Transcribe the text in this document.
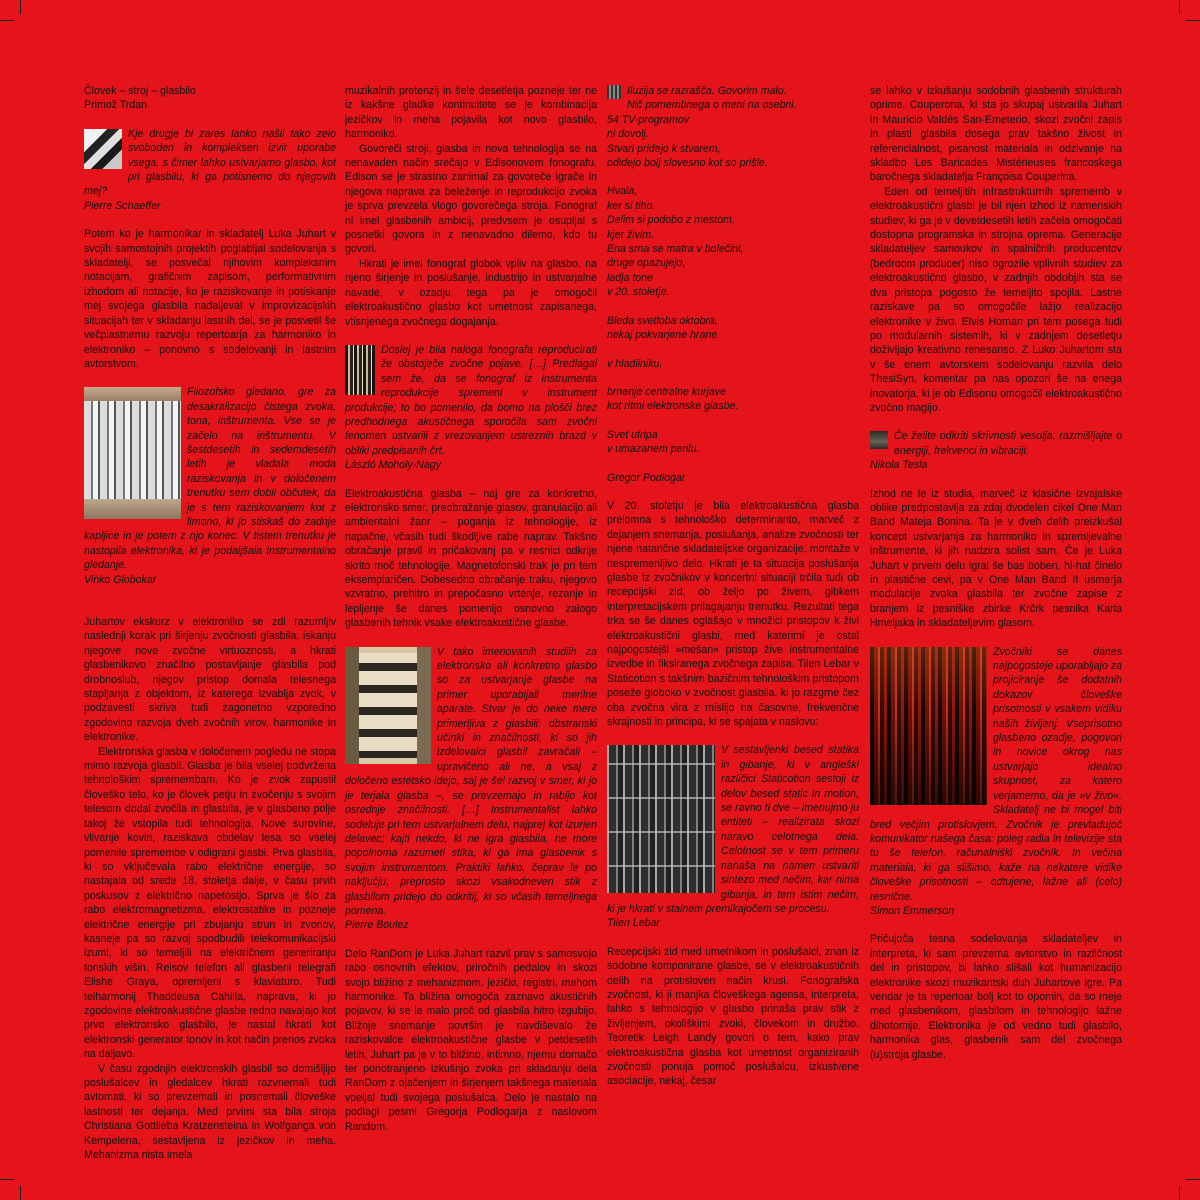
Človek – stroj – glasbilo
Primož Trdan

Kje drugje bi zares lahko našli tako zelo svoboden in kompleksen izvir uporabe vsega, s čimer lahko ustvarjamo glasbo, kot pri glasbilu, ki ga potisnemo do njegovih mej?

Pierre Schaeffer

Potem ko je harmonikar in skladatelj Luka Juhart v svojih samostojnih projektih poglabljal sodelovanja s skladatelji, se posvečal njihovim kompleksnim notacijam, grafičnim zapisom, performativnim izhodom ali notacije, ko je raziskovanje in potiskanje mej svojega glasbila nadaljeval v improvizacijskih situacijah ter v skladanju lastnih del, se je posvetil še večplastnemu razvoju repertoarja za harmoniko in elektroniko – ponovno s sodelovanji in lastnim avtorstvom.

Filozofsko gledano, gre za desakralizacijo čistega zvoka, tona, inštrumenta. Vse se je začelo na inštrumentu. V šestdesetih in sedemdesetih letih je vladala moda raziskovanja in v določenem trenutku sem dobil občutek, da je s tem raziskovanjem kot z limono, ki jo stiskaš do zadnje kapljice in je potem z njo konec. V tistem trenutku je nastopila elektronika, ki je podaljšala instrumentalno gledanje.

Vinko Globokar

Juhartov ekskurz v elektroniko se zdi razumljiv naslednji korak pri širjenju zvočnosti glasbila, iskanju njegove nove zvočne virtuoznosti, a hkrati glasbenikovo značilno postavljanje glasbila pod drobnoslub, njegov pristop domala telesnega stapljanja z objektom, iz katerega izvablja zvok, v podzavesti skriva tudi zagonetno vzporedno zgodovino razvoja dveh zvočnih virov, harmonike in elektronike.

Elektronska glasba v določenem pogledu ne stopa mimo razvoja glasbil. Glasba je bila vselej podvržena tehnološkim spremembam. Ko je zvok zapustil človeško telo, ko je človek petju in zvočenju s svojim telesom dodal zvočila in glasbila, je v glasbeno polje takoj že vstopila tudi tehnologija. Nove surovine, vlivanje kovin, raziskava obdelav lesa so vselej pomenile spremembe v odigrani glasbi. Prva glasbila, ki so vključevala rabo električne energije, so nastajala od srede 18. stoletja dalje, v času prvih poskusov z električno napetostjo. Sprva je šlo za rabo elektromagnetizma, elektrostatike in pozneje električne energije pri zbujanju strun in zvonov, kasneje pa so razvoj spodbudili telekomunikacijski izumi, ki so temeljili na električnem generiranju tonskih višin. Reisov telefon ali glasbeni telegrafi Elishe Graya, opremljeni s klaviaturo. Tudi telharmonij Thaddeusa Cahilla, naprava, ki jo zgodovine elektroakustične glasbe redno navajajo kot prvo elektronsko glasbilo, je nastal hkrati kot elektronski generator tonov in kot način prenos zvoka na daljavo.

V času zgodnjih elektronskih glasbil so domišljijo poslušalcev in gledalcev hkrati razvnemali tudi avtomati, ki so prevzemali in posnemali človeške lastnosti ter dejanja. Med prvimi sta bila stroja Christiana Gottlieba Kratzensteina in Wolfganga von Kempelena, sestavljena iz jezičkov in meha. Mehanizma nista imela

muzikalnih pretenzij in šele desetletja pozneje ter ne iz kakšne gladke kontinuitete se je kombinacija jezičkov in meha pojavila kot novo glasbilo, harmoniko.

Govoreči stroji, glasba in nova tehnologija se na nenavaden način srečajo v Edisonovem fonografu. Edison se je strastno zanimal za govoreče igrače in njegova naprava za beleženje in reprodukcijo zvoka je sprva prevzela vlogo govorečega stroja. Fonograf ni imel glasbenih ambicij, predvsem je osupljal s posnetki govora in z nenavadno dilemo, kdo tu govori.

Hkrati je imel fonograf globok vpliv na glasbo, na njeno širjenje in poslušanje, industrijo in ustvarjalne navade, v ozadju tega pa je omogočil elektroakustično glasbo kot umetnost zapisanega, vtisnjenega zvočnega dogajanja.

Doslej je bila naloga fonografa reproducirati že obstoječe zvočne pojave. […] Predlagal sem že, da se fonograf iz instrumenta reprodukcije spremeni v instrument produkcije; to bo pomenilo, da bomo na plošči brez predhodnega akustičnega sporočila sam zvočni fenomen ustvarili z vrezovanjem ustreznih brazd v obliki predpisanih črt.

László Moholy-Nagy

Elektroakustična glasba – naj gre za konkretno, elektronsko smer, preobražanje glasov, granulacijo ali ambientalni žanr – poganja iz tehnologije, iz napačne, včasih tudi škodljive rabe naprav. Takšno obračanje pravil in pričakovanj pa v resnici odkrije skrito moč tehnologije. Magnetofonski trak je pri tem eksemplaričen. Dobesedno obračanje traku, njegovo vzvratno, prehitro in prepočasno vrtenje, rezanje in lepljenje še danes pomenijo osnovno zalogo glasbenih tehnik vsake elektroakustične glasbe.

V tako imenovanih studiih za elektronsko ali konkretno glasbo so za ustvarjanje glasbe na primer uporabljali merilne aparate. Stvar je do neke mere primerljiva z glasbili: obstranski učinki in značilnosti, ki so jih izdelovalci glasbil zavračali – upravičeno ali ne, a vsaj z določeno estetsko idejo, saj je šel razvoj v smer, ki jo je terjala glasba –, se prevzemajo in rabijo kot osrednje značilnosti. […] Instrumentalist lahko sodeluje pri tem ustvarjalnem delu, najprej kot izurjen delavec; kajti nekdo, ki ne igra glasbila, ne more popolnoma razumeti stika, ki ga ima glasbenik s svojim instrumentom. Praktiki lahko, čeprav le po naključju, preprosto skozi vsakodneven stik z glasbilom pridejo do odkritij, ki so včasih temeljnega pomena.

Pierre Boulez

Delo RanDom je Luka Juhart razvil prav s samosvojo rabo osnovnih efektov, priročnih pedalov in skozi svojo bližino z mehanizmom, jezički, registri, mehom harmonike. Ta bližina omogoča zaznavo akustičnih pojavov, ki se le malo proč od glasbila hitro izgubijo. Bližnje snemanje površin je navdiševalo že raziskovalce elektroakustične glasbe v petdesetih letih, Juhart pa je v to bližino, intimno, njemu domačo ter ponotranjeno izkušnjo zvoka pri skladanju dela RanDom z ojačenjem in širjenjem takšnega materiala vpeljal tudi svojega poslušalca. Delo je nastalo na podlagi pesmi Gregorja Podlogarja z naslovom Random.

Iluzija se razrašča. Govorim malo.

Nič pomembnega o meni na osebni.

54 TV-programov

ni dovolj.

Stvari pridejo k stvarem,

odidejo bolj slovesno kot so prišle.

Hvala,

ker si tiho.

Delim si podobo z mestom,

kjer živim.

Ena srna se matra v bolečini,

druge opazujejo,

ladja tone

v 20. stoletje.

Bleda svetloba oktobra,

nekaj pokvarjene hrane

v hladilniku,

brnenje centralne kurjave

kot ritmi elektronske glasbe.

Svet utripa

v umazanem perilu.

Gregor Podlogar

V 20. stoletju je bila elektroakustična glasba prelomna s tehnološko determinanto, marveč z dejanjem snemanja, poslušanja, analize zvočnosti ter njene natančne skladateljske organizacije, montaže v nespremenljivo delo. Hkrati je ta situacija poslušanja glasbe iz zvočnikov v koncertni situaciji trčila tudi ob recepcijski zid, ob željo po živem, gibkem interpretacijskem prilagajanju trenutku. Rezultati tega trka se še danes oglašajo v množici pristopov k živi elektroakustični glasbi, med katerimi je ostal najpogostejši »mešan« pristop žive instrumentalne izvedbe in fiksiranega zvočnega zapisa. Tilen Lebar v Staticotion s takšnim bazičnim tehnološkim pristopom poseže globoko v zvočnost glasbila, ki jo razgrne čez oba zvočna vira z mislijo na časovne, frekvenčne skrajnosti in principa, ki se spajata v naslovu:

V sestavljenki besed statika in gibanje, ki v angleški različici Staticotion sestoji iz delov besed static in motion, se ravno ti dve – imenujmo ju entiteti – realizirata skozi naravo celotnega dela. Celotnost se v tem primeru nanaša na namen ustvariti sintezo med nečim, kar nima gibanja, in tem istim nečim, ki je hkrati v stalnem premikajočem se procesu.

Tilen Lebar

Recepcijski zid med umetnikom in poslušalci, znan iz sodobne komponirane glasbe, se v elektroakustičnih delih na protisloven način krusi. Fonografska zvočnost, ki ji manjka človeškega agensa, interpreta, lahko s tehnologijo v glasbo prinaša prav stik z življenjem, okoliškimi zvoki, človekom in družbo. Teoretik Leigh Landy govori o tem, kako prav elektroakustična glasba kot umetnost organiziranih zvočnosti ponuja pomoč poslušalcu, izkustvene asociacije, nekaj, česar

se lahko v izkušanju sodobnih glasbenih strukturah oprime. Couperona, ki sta jo skupaj ustvarila Juhart in Mauricio Valdés San-Emeterio, skozi zvočni zapis in plasti glasbila dosega prav takšno živost in referencialnost, pisanost materiala in odzivanje na skladbo Les Baricades Mistérieuses francoskega baročnega skladatelja Françoisa Couperina.

Eden od temeljitih infrastrukturnih sprememb v elektroakustični glasbi je bil njen izhod iz namenskih studiev, ki ga je v devetdesetih letih začela omogočati dostopna programska in strojna oprema. Generacije skladateljev samoukov in spalničnih producentov (bedroom producer) niso ogrozile vplivnih studiev za elektroakustično glasbo, v zadnjih obdobjih sta se dva pristopa pogosto že temeljito spojila. Lastne raziskave pa so omogočile lažjo realizacijo elektronike v živo. Elvis Homan pri tem posega tudi po modularnih sistemih, ki v zadnjem desetletju doživljajo kreativno renesanso. Z Luko Juhartom sta v še enem avtorskem sodelovanju razvila delo ThesiSyn, komentar pa nas opozori še na enega inovatorja, ki je ob Edisonu omogočil elektroakustično zvočno magijo.

Če želite odkriti skrivnosti vesolja, razmišljajte o energiji, frekvenci in vibraciji.

Nikola Tesla

Izhod ne le iz studia, marveč iz klasične izvajalske oblike predpostavlja za zdaj dvodelen cikel One Man Band Mateja Bonina. Ta je v dveh delih preizkušal koncept ustvarjanja za harmoniko in spremljevalne inštrumente, ki jih nadzira solist sam. Če je Luka Juhart v prvem delu igral še bas boben, hi-hat činelo in plastične cevi, pa v One Man Band II usmerja modulacije zvoka glasbila ter zvočne zapise z branjem iz pesniške zbirke Krčrk pesnika Karla Hmeljaka in skladateljevim glasom.

Zvočniki se danes najpogosteje uporabljajo za projiciranje še dodatnih dokazov človeške prisotnosti v vsakem vidiku naših življenj. Vseprisotno glasbeno ozadje, pogovori in novice okrog nas ustvarjajo idealno skupnost, za katero verjamemo, da je »v živo«. Skladatelj ne bi mogel biti bred večjim protislovjem. Zvočnik je prevladujoč komunikator našega časa: poleg radia in televizije sta tu še telefon, računalniški zvočnik. In večina materiala, ki ga slišimo, kaže na nekatere vidike človeške prisotnosti – odtujene, lažne ali (celo) resnične.

Simon Emmerson

Pričujoča tesna sodelovanja skladateljev in interpreta, ki sam prevzema avtorstvo in različnost del in pristopov, bi lahko slišali kot humanizacijo elektronike skozi muzikantski duh Juhartove igre. Pa vendar je ta repertoar bolj kot to opomin, da so meje med glasbenikom, glasbilom in tehnologijo lažne dihotomije. Elektronika je od vedno tudi glasbilo, harmonika glas, glasbenik sam del zvočnega (u)stroja glasbe.
